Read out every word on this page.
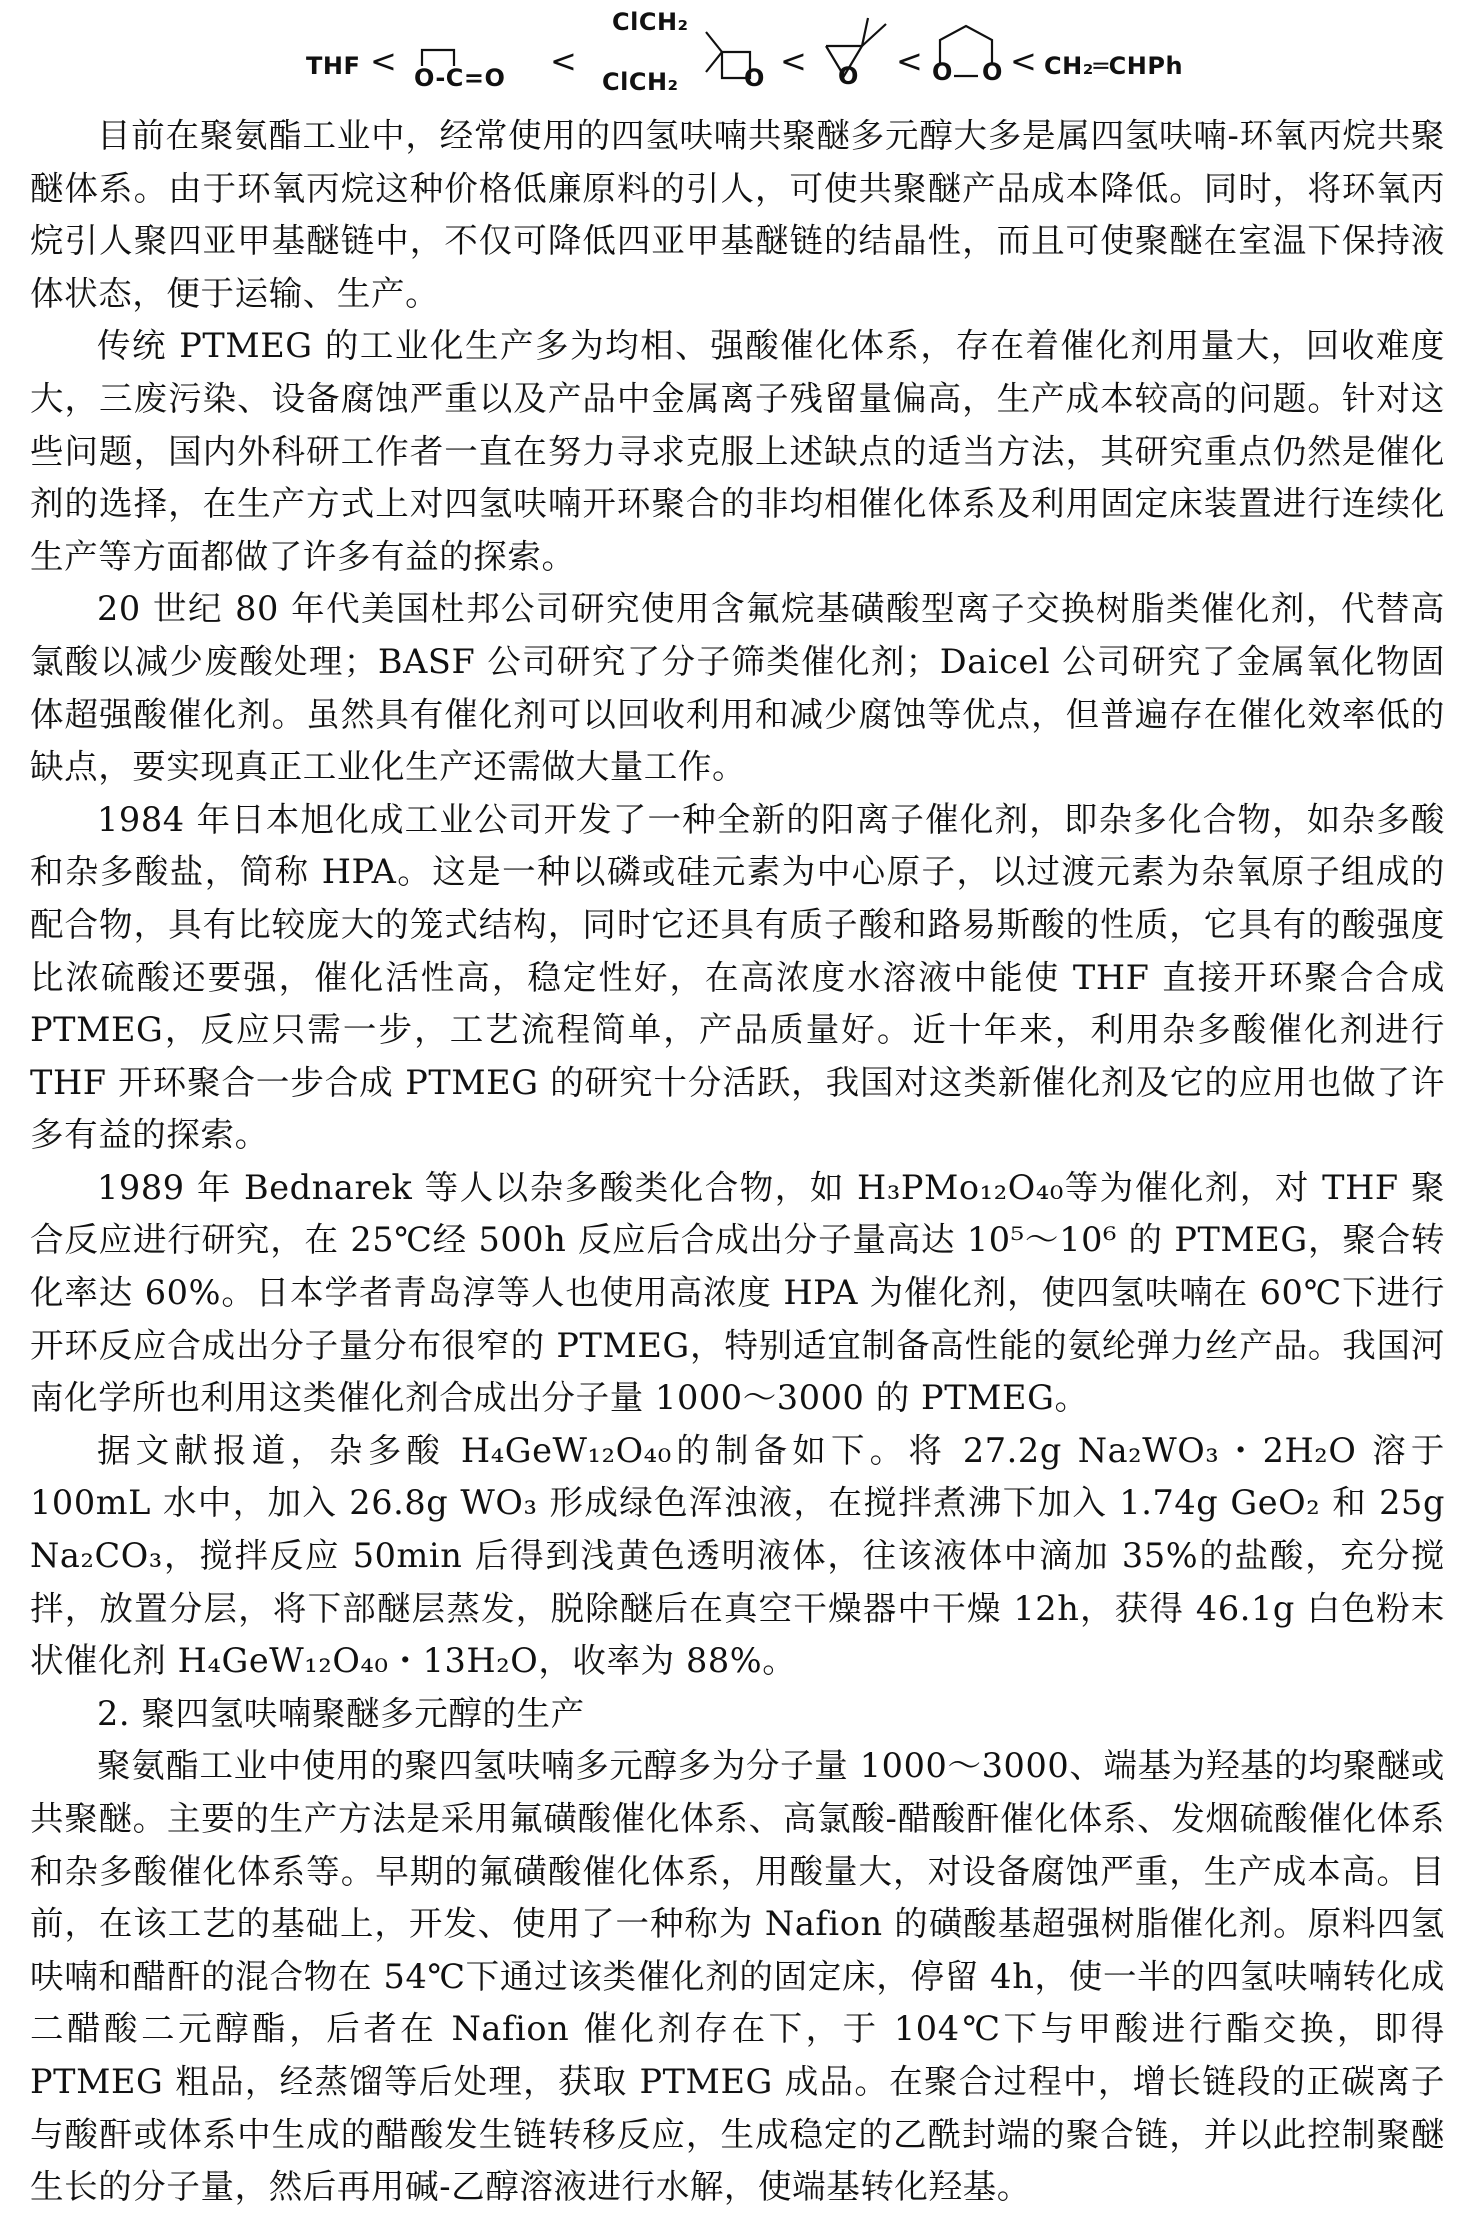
THF < O-C=O <
ClCH₂
ClCH₂	O < O < O O < CH₂═CHPh

目前在聚氨酯工业中，经常使用的四氢呋喃共聚醚多元醇大多是属四氢呋喃-环氧丙烷共聚醚体系。由于环氧丙烷这种价格低廉原料的引人，可使共聚醚产品成本降低。同时，将环氧丙烷引人聚四亚甲基醚链中，不仅可降低四亚甲基醚链的结晶性，而且可使聚醚在室温下保持液体状态，便于运输、生产。

传统 PTMEG 的工业化生产多为均相、强酸催化体系，存在着催化剂用量大，回收难度大，三废污染、设备腐蚀严重以及产品中金属离子残留量偏高，生产成本较高的问题。针对这些问题，国内外科研工作者一直在努力寻求克服上述缺点的适当方法，其研究重点仍然是催化剂的选择，在生产方式上对四氢呋喃开环聚合的非均相催化体系及利用固定床装置进行连续化生产等方面都做了许多有益的探索。

20 世纪 80 年代美国杜邦公司研究使用含氟烷基磺酸型离子交换树脂类催化剂，代替高氯酸以减少废酸处理；BASF 公司研究了分子筛类催化剂；Daicel 公司研究了金属氧化物固体超强酸催化剂。虽然具有催化剂可以回收利用和减少腐蚀等优点，但普遍存在催化效率低的缺点，要实现真正工业化生产还需做大量工作。

1984 年日本旭化成工业公司开发了一种全新的阳离子催化剂，即杂多化合物，如杂多酸和杂多酸盐，简称 HPA。这是一种以磷或硅元素为中心原子，以过渡元素为杂氧原子组成的配合物，具有比较庞大的笼式结构，同时它还具有质子酸和路易斯酸的性质，它具有的酸强度比浓硫酸还要强，催化活性高，稳定性好，在高浓度水溶液中能使 THF 直接开环聚合合成 PTMEG，反应只需一步，工艺流程简单，产品质量好。近十年来，利用杂多酸催化剂进行 THF 开环聚合一步合成 PTMEG 的研究十分活跃，我国对这类新催化剂及它的应用也做了许多有益的探索。

1989 年 Bednarek 等人以杂多酸类化合物，如 H₃PMo₁₂O₄₀等为催化剂，对 THF 聚合反应进行研究，在 25℃经 500h 反应后合成出分子量高达 10⁵～10⁶ 的 PTMEG，聚合转化率达 60%。日本学者青岛淳等人也使用高浓度 HPA 为催化剂，使四氢呋喃在 60℃下进行开环反应合成出分子量分布很窄的 PTMEG，特别适宜制备高性能的氨纶弹力丝产品。我国河南化学所也利用这类催化剂合成出分子量 1000～3000 的 PTMEG。

据文献报道，杂多酸 H₄GeW₁₂O₄₀的制备如下。将 27.2g Na₂WO₃・2H₂O 溶于 100mL 水中，加入 26.8g WO₃ 形成绿色浑浊液，在搅拌煮沸下加入 1.74g GeO₂ 和 25g Na₂CO₃，搅拌反应 50min 后得到浅黄色透明液体，往该液体中滴加 35%的盐酸，充分搅拌，放置分层，将下部醚层蒸发，脱除醚后在真空干燥器中干燥 12h，获得 46.1g 白色粉末状催化剂 H₄GeW₁₂O₄₀・13H₂O，收率为 88%。

2. 聚四氢呋喃聚醚多元醇的生产

聚氨酯工业中使用的聚四氢呋喃多元醇多为分子量 1000～3000、端基为羟基的均聚醚或共聚醚。主要的生产方法是采用氟磺酸催化体系、高氯酸-醋酸酐催化体系、发烟硫酸催化体系和杂多酸催化体系等。早期的氟磺酸催化体系，用酸量大，对设备腐蚀严重，生产成本高。目前，在该工艺的基础上，开发、使用了一种称为 Nafion 的磺酸基超强树脂催化剂。原料四氢呋喃和醋酐的混合物在 54℃下通过该类催化剂的固定床，停留 4h，使一半的四氢呋喃转化成二醋酸二元醇酯，后者在 Nafion 催化剂存在下，于 104℃下与甲酸进行酯交换，即得 PTMEG 粗品，经蒸馏等后处理，获取 PTMEG 成品。在聚合过程中，增长链段的正碳离子与酸酐或体系中生成的醋酸发生链转移反应，生成稳定的乙酰封端的聚合链，并以此控制聚醚生长的分子量，然后再用碱-乙醇溶液进行水解，使端基转化羟基。
